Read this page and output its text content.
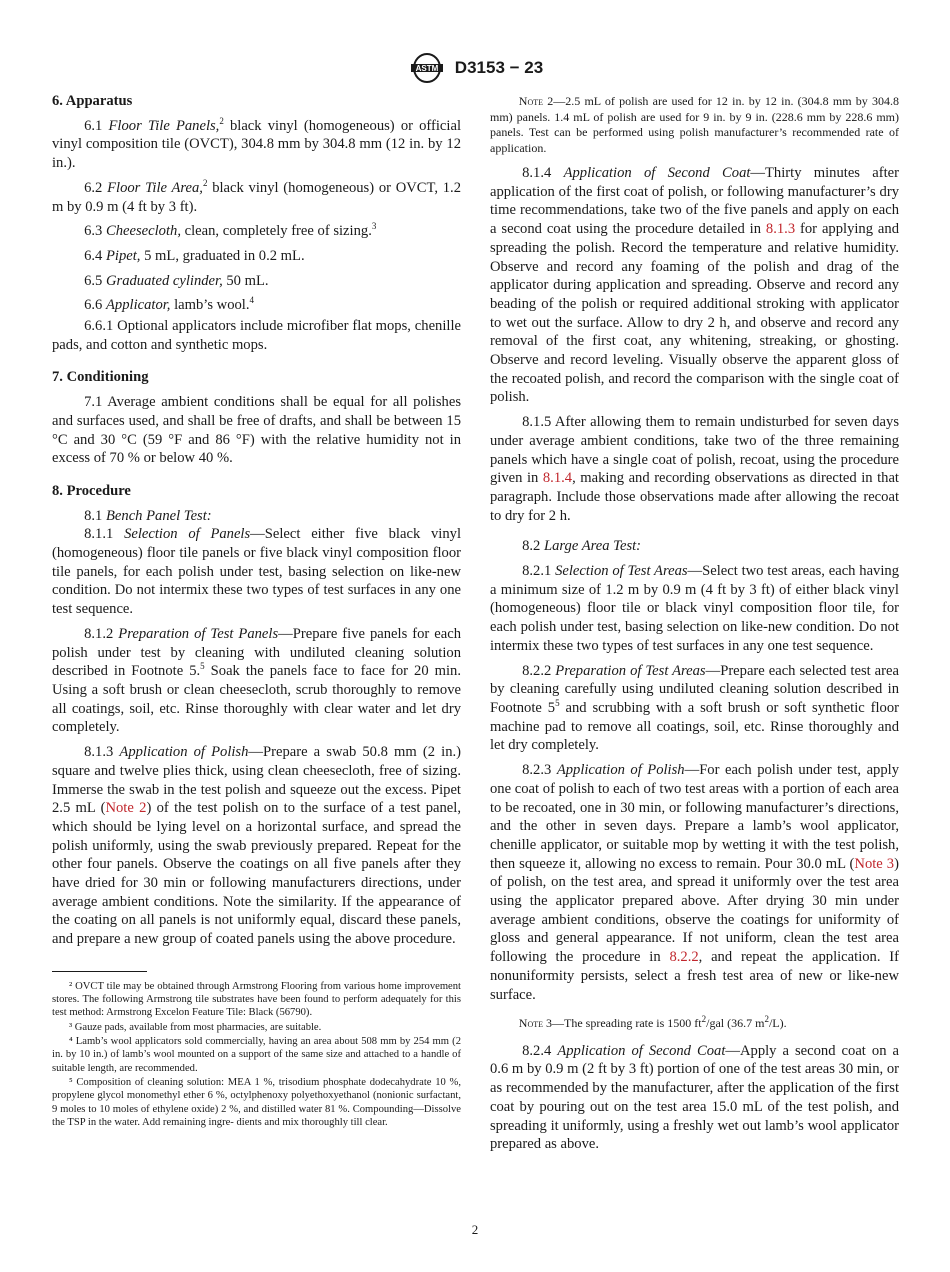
ASTM D3153 − 23
6. Apparatus

6.1 Floor Tile Panels,$^2$ black vinyl (homogeneous) or official vinyl composition tile (OVCT), 304.8 mm by 304.8 mm (12 in. by 12 in.).

6.2 Floor Tile Area,$^2$ black vinyl (homogeneous) or OVCT, 1.2 m by 0.9 m (4 ft by 3 ft).

6.3 Cheesecloth, clean, completely free of sizing.$^3$

6.4 Pipet, 5 mL, graduated in 0.2 mL.

6.5 Graduated cylinder, 50 mL.

6.6 Applicator, lamb’s wool.$^4$

6.6.1 Optional applicators include microfiber flat mops, chenille pads, and cotton and synthetic mops.

7. Conditioning

7.1 Average ambient conditions shall be equal for all polishes and surfaces used, and shall be free of drafts, and shall be between 15 °C and 30 °C (59 °F and 86 °F) with the relative humidity not in excess of 70 % or below 40 %.

8. Procedure

8.1 Bench Panel Test:

8.1.1 Selection of Panels—Select either five black vinyl (homogeneous) floor tile panels or five black vinyl composition floor tile panels, for each polish under test, basing selection on like-new condition. Do not intermix these two types of test surfaces in any one test sequence.

8.1.2 Preparation of Test Panels—Prepare five panels for each polish under test by cleaning with undiluted cleaning solution described in Footnote 5.$^5$ Soak the panels face to face for 20 min. Using a soft brush or clean cheesecloth, scrub thoroughly to remove all coatings, soil, etc. Rinse thoroughly with clear water and let dry completely.

8.1.3 Application of Polish—Prepare a swab 50.8 mm (2 in.) square and twelve plies thick, using clean cheesecloth, free of sizing. Immerse the swab in the test polish and squeeze out the excess. Pipet 2.5 mL (Note 2) of the test polish on to the surface of a test panel, which should be lying level on a horizontal surface, and spread the polish uniformly, using the swab previously prepared. Repeat for the other four panels. Observe the coatings on all five panels after they have dried for 30 min or following manufacturers directions, under average ambient conditions. Note the similarity. If the appearance of the coating on all panels is not uniformly equal, discard these panels, and prepare a new group of coated panels using the above procedure.

² OVCT tile may be obtained through Armstrong Flooring from various home improvement stores. The following Armstrong tile substrates have been found to perform adequately for this test method: Armstrong Excelon Feature Tile: Black (56790).

³ Gauze pads, available from most pharmacies, are suitable.

⁴ Lamb’s wool applicators sold commercially, having an area about 508 mm by 254 mm (2 in. by 10 in.) of lamb’s wool mounted on a support of the same size and attached to a handle of suitable length, are recommended.

⁵ Composition of cleaning solution: MEA 1 %, trisodium phosphate dodecahydrate 10 %, propylene glycol monomethyl ether 6 %, octylphenoxy polyethoxyethanol (nonionic surfactant, 9 moles to 10 moles of ethylene oxide) 2 %, and distilled water 81 %. Compounding—Dissolve the TSP in the water. Add remaining ingre- dients and mix thoroughly till clear.

Note 2—2.5 mL of polish are used for 12 in. by 12 in. (304.8 mm by 304.8 mm) panels. 1.4 mL of polish are used for 9 in. by 9 in. (228.6 mm by 228.6 mm) panels. Test can be performed using polish manufacturer’s recommended rate of application.

8.1.4 Application of Second Coat—Thirty minutes after application of the first coat of polish, or following manufacturer’s dry time recommendations, take two of the five panels and apply on each a second coat using the procedure detailed in 8.1.3 for applying and spreading the polish. Record the temperature and relative humidity. Observe and record any foaming of the polish and drag of the applicator during application and spreading. Observe and record any beading of the polish or required additional stroking with applicator to wet out the surface. Allow to dry 2 h, and observe and record any removal of the first coat, any whitening, streaking, or ghosting. Observe and record leveling. Visually observe the apparent gloss of the recoated polish, and record the comparison with the single coat of polish.

8.1.5 After allowing them to remain undisturbed for seven days under average ambient conditions, take two of the three remaining panels which have a single coat of polish, recoat, using the procedure given in 8.1.4, making and recording observations as directed in that paragraph. Include those observations made after allowing the recoat to dry for 2 h.

8.2 Large Area Test:

8.2.1 Selection of Test Areas—Select two test areas, each having a minimum size of 1.2 m by 0.9 m (4 ft by 3 ft) of either black vinyl (homogeneous) floor tile or black vinyl composition floor tile, for each polish under test, basing selection on like-new condition. Do not intermix these two types of test surfaces in any one test sequence.

8.2.2 Preparation of Test Areas—Prepare each selected test area by cleaning carefully using undiluted cleaning solution described in Footnote $5^5$ and scrubbing with a soft brush or soft synthetic floor machine pad to remove all coatings, soil, etc. Rinse thoroughly and let dry completely.

8.2.3 Application of Polish—For each polish under test, apply one coat of polish to each of two test areas with a portion of each area to be recoated, one in 30 min, or following manufacturer’s directions, and the other in seven days. Prepare a lamb’s wool applicator, chenille applicator, or suitable mop by wetting it with the test polish, then squeeze it, allowing no excess to remain. Pour 30.0 mL (Note 3) of polish, on the test area, and spread it uniformly over the test area using the applicator prepared above. After drying 30 min under average ambient conditions, observe the coatings for uniformity of gloss and general appearance. If not uniform, clean the test area following the procedure in 8.2.2, and repeat the application. If nonuniformity persists, select a fresh test area of new or like-new surface.

Note 3—The spreading rate is 1500 $ft^2$/gal (36.7 $m^2/L$).

8.2.4 Application of Second Coat—Apply a second coat on a 0.6 m by 0.9 m (2 ft by 3 ft) portion of one of the test areas 30 min, or as recommended by the manufacturer, after the application of the first coat by pouring out on the test area 15.0 mL of the test polish, and spreading it uniformly, using a freshly wet out lamb’s wool applicator prepared as above.

2
